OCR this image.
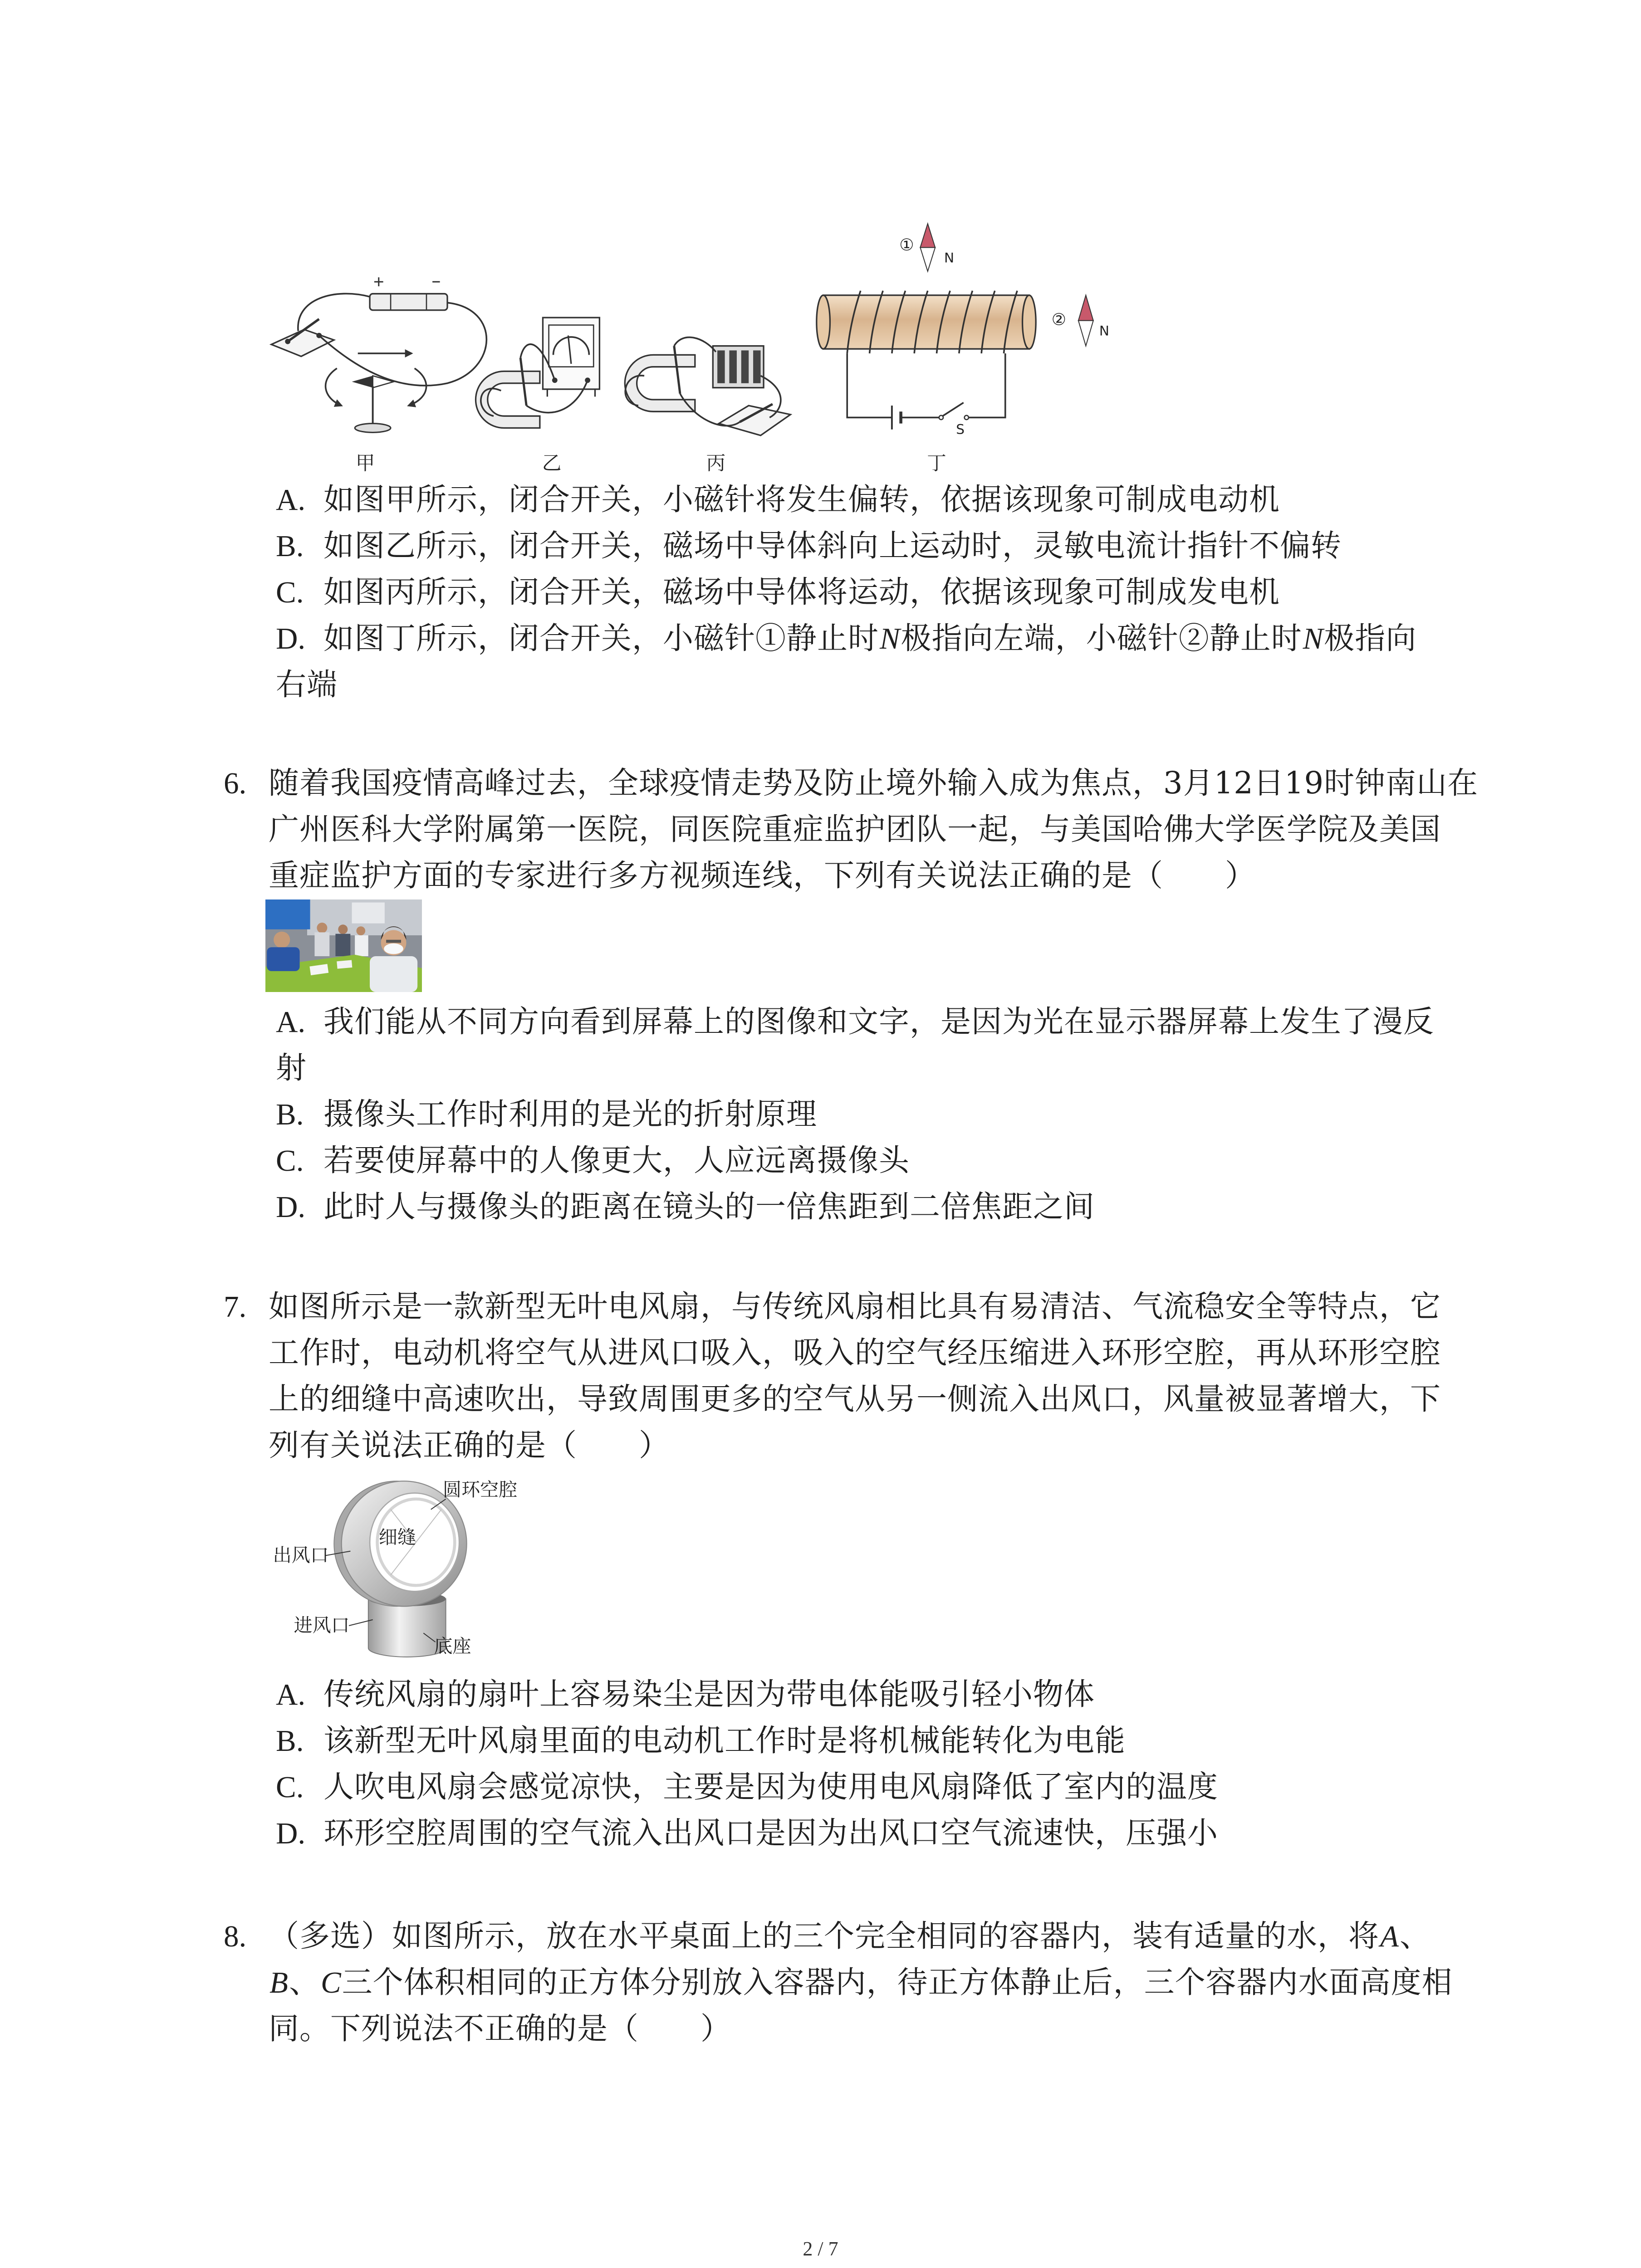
S
①
N
②
N
甲	乙	丙	丁
A. 如图甲所示，闭合开关，小磁针将发生偏转，依据该现象可制成电动机
B. 如图乙所示，闭合开关，磁场中导体斜向上运动时，灵敏电流计指针不偏转
C. 如图丙所示，闭合开关，磁场中导体将运动，依据该现象可制成发电机
D. 如图丁所示，闭合开关，小磁针①静止时N极指向左端，小磁针②静止时N极指向
右端
6. 随着我国疫情高峰过去，全球疫情走势及防止境外输入成为焦点，3月12日19时钟南山在
广州医科大学附属第一医院，同医院重症监护团队一起，与美国哈佛大学医学院及美国
重症监护方面的专家进行多方视频连线，下列有关说法正确的是（　　）
A. 我们能从不同方向看到屏幕上的图像和文字，是因为光在显示器屏幕上发生了漫反
射
B. 摄像头工作时利用的是光的折射原理
C. 若要使屏幕中的人像更大，人应远离摄像头
D. 此时人与摄像头的距离在镜头的一倍焦距到二倍焦距之间
7. 如图所示是一款新型无叶电风扇，与传统风扇相比具有易清洁、气流稳安全等特点，它
工作时，电动机将空气从进风口吸入，吸入的空气经压缩进入环形空腔，再从环形空腔
上的细缝中高速吹出，导致周围更多的空气从另一侧流入出风口，风量被显著增大，下
列有关说法正确的是（　　）
圆环空腔
细缝
出风口
进风口
底座
A. 传统风扇的扇叶上容易染尘是因为带电体能吸引轻小物体
B. 该新型无叶风扇里面的电动机工作时是将机械能转化为电能
C. 人吹电风扇会感觉凉快，主要是因为使用电风扇降低了室内的温度
D. 环形空腔周围的空气流入出风口是因为出风口空气流速快，压强小
8. （多选）如图所示，放在水平桌面上的三个完全相同的容器内，装有适量的水，将A、
B、C三个体积相同的正方体分别放入容器内，待正方体静止后，三个容器内水面高度相
同。下列说法不正确的是（　　）
2 / 7
